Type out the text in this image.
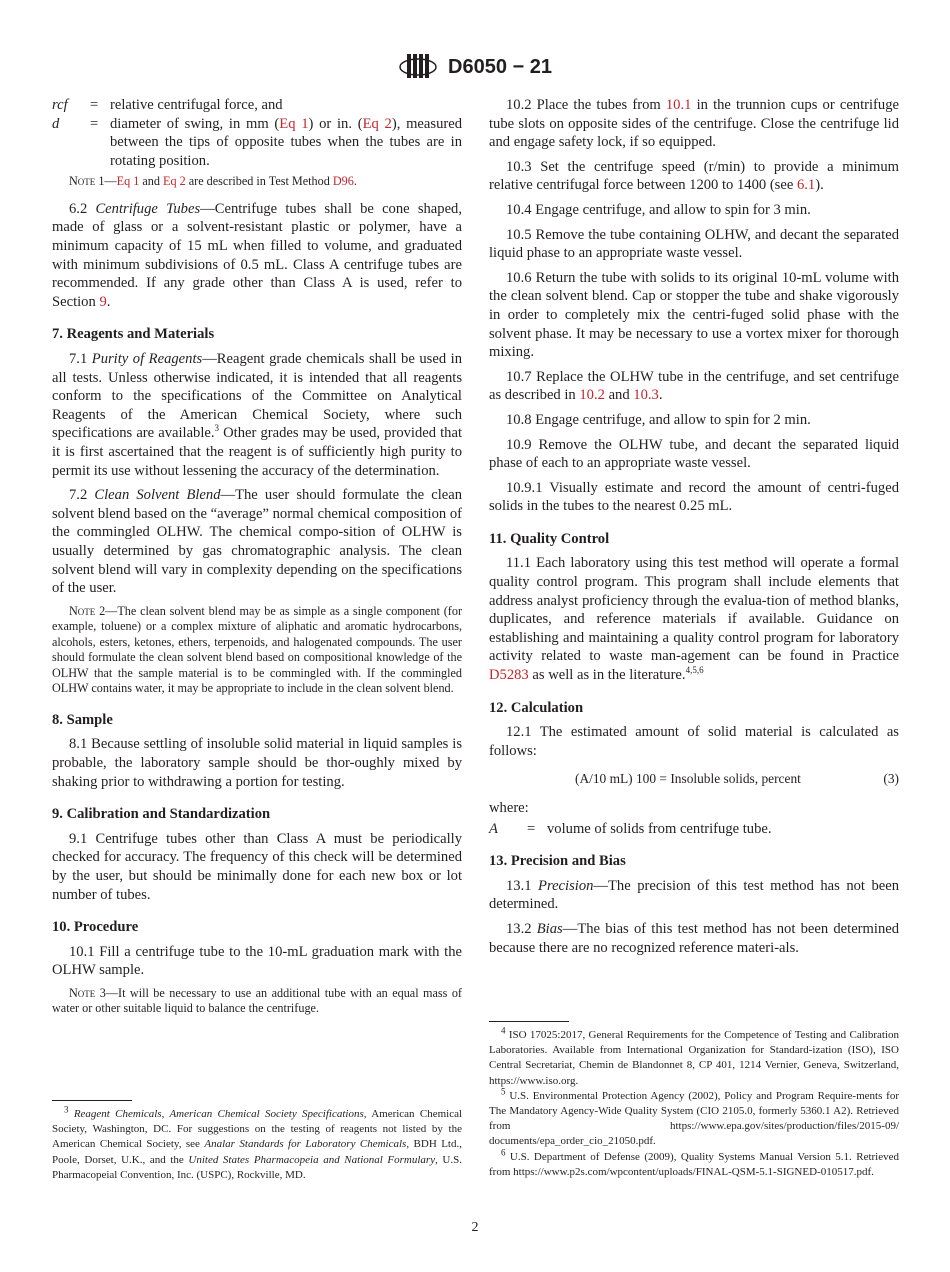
D6050 − 21
rcf	= relative centrifugal force, and
d	= diameter of swing, in mm (Eq 1) or in. (Eq 2), measured between the tips of opposite tubes when the tubes are in rotating position.
Note 1—Eq 1 and Eq 2 are described in Test Method D96.
6.2 Centrifuge Tubes—Centrifuge tubes shall be cone shaped, made of glass or a solvent-resistant plastic or polymer, have a minimum capacity of 15 mL when filled to volume, and graduated with minimum subdivisions of 0.5 mL. Class A centrifuge tubes are recommended. If any grade other than Class A is used, refer to Section 9.
7. Reagents and Materials
7.1 Purity of Reagents—Reagent grade chemicals shall be used in all tests. Unless otherwise indicated, it is intended that all reagents conform to the specifications of the Committee on Analytical Reagents of the American Chemical Society, where such specifications are available.$^3$ Other grades may be used, provided that it is first ascertained that the reagent is of sufficiently high purity to permit its use without lessening the accuracy of the determination.
7.2 Clean Solvent Blend—The user should formulate the clean solvent blend based on the “average” normal chemical composition of the commingled OLHW. The chemical compo-sition of OLHW is usually determined by gas chromatographic analysis. The clean solvent blend will vary in complexity depending on the specifications of the user.
Note 2—The clean solvent blend may be as simple as a single component (for example, toluene) or a complex mixture of aliphatic and aromatic hydrocarbons, alcohols, esters, ketones, ethers, terpenoids, and halogenated compounds. The user should formulate the clean solvent blend based on compositional knowledge of the OLHW that the sample material is to be commingled with. If the commingled OLHW contains water, it may be appropriate to include in the clean solvent blend.
8. Sample
8.1 Because settling of insoluble solid material in liquid samples is probable, the laboratory sample should be thor-oughly mixed by shaking prior to withdrawing a portion for testing.
9. Calibration and Standardization
9.1 Centrifuge tubes other than Class A must be periodically checked for accuracy. The frequency of this check will be determined by the user, but should be minimally done for each new box or lot number of tubes.
10. Procedure
10.1 Fill a centrifuge tube to the 10-mL graduation mark with the OLHW sample.
Note 3—It will be necessary to use an additional tube with an equal mass of water or other suitable liquid to balance the centrifuge.
10.2 Place the tubes from 10.1 in the trunnion cups or centrifuge tube slots on opposite sides of the centrifuge. Close the centrifuge lid and engage safety lock, if so equipped.
10.3 Set the centrifuge speed (r/min) to provide a minimum relative centrifugal force between 1200 to 1400 (see 6.1).
10.4 Engage centrifuge, and allow to spin for 3 min.
10.5 Remove the tube containing OLHW, and decant the separated liquid phase to an appropriate waste vessel.
10.6 Return the tube with solids to its original 10-mL volume with the clean solvent blend. Cap or stopper the tube and shake vigorously in order to completely mix the centri-fuged solid phase with the solvent phase. It may be necessary to use a vortex mixer for thorough mixing.
10.7 Replace the OLHW tube in the centrifuge, and set centrifuge as described in 10.2 and 10.3.
10.8 Engage centrifuge, and allow to spin for 2 min.
10.9 Remove the OLHW tube, and decant the separated liquid phase of each to an appropriate waste vessel.
10.9.1 Visually estimate and record the amount of centri-fuged solids in the tubes to the nearest 0.25 mL.
11. Quality Control
11.1 Each laboratory using this test method will operate a formal quality control program. This program shall include elements that address analyst proficiency through the evalua-tion of method blanks, duplicates, and reference materials if available. Guidance on establishing and maintaining a quality control program for laboratory activity related to waste man-agement can be found in Practice D5283 as well as in the literature.$^{4,5,6}$
12. Calculation
12.1 The estimated amount of solid material is calculated as follows:
(A/10 mL) 100 = Insoluble solids, percent	(3)
where:
A	= volume of solids from centrifuge tube.
13. Precision and Bias
13.1 Precision—The precision of this test method has not been determined.
13.2 Bias—The bias of this test method has not been determined because there are no recognized reference materi-als.

$^3$ Reagent Chemicals, American Chemical Society Specifications, American Chemical Society, Washington, DC. For suggestions on the testing of reagents not listed by the American Chemical Society, see Analar Standards for Laboratory Chemicals, BDH Ltd., Poole, Dorset, U.K., and the United States Pharmacopeia and National Formulary, U.S. Pharmacopeial Convention, Inc. (USPC), Rockville, MD.

$^4$ ISO 17025:2017, General Requirements for the Competence of Testing and Calibration Laboratories. Available from International Organization for Standard-ization (ISO), ISO Central Secretariat, Chemin de Blandonnet 8, CP 401, 1214 Vernier, Geneva, Switzerland, https://www.iso.org.

$^5$ U.S. Environmental Protection Agency (2002), Policy and Program Require-ments for The Mandatory Agency-Wide Quality System (CIO 2105.0, formerly 5360.1 A2). Retrieved from https://www.epa.gov/sites/production/files/2015-09/ documents/epa_order_cio_21050.pdf.

$^6$ U.S. Department of Defense (2009), Quality Systems Manual Version 5.1. Retrieved from https://www.p2s.com/wpcontent/uploads/FINAL-QSM-5.1-SIGNED-010517.pdf.

2
